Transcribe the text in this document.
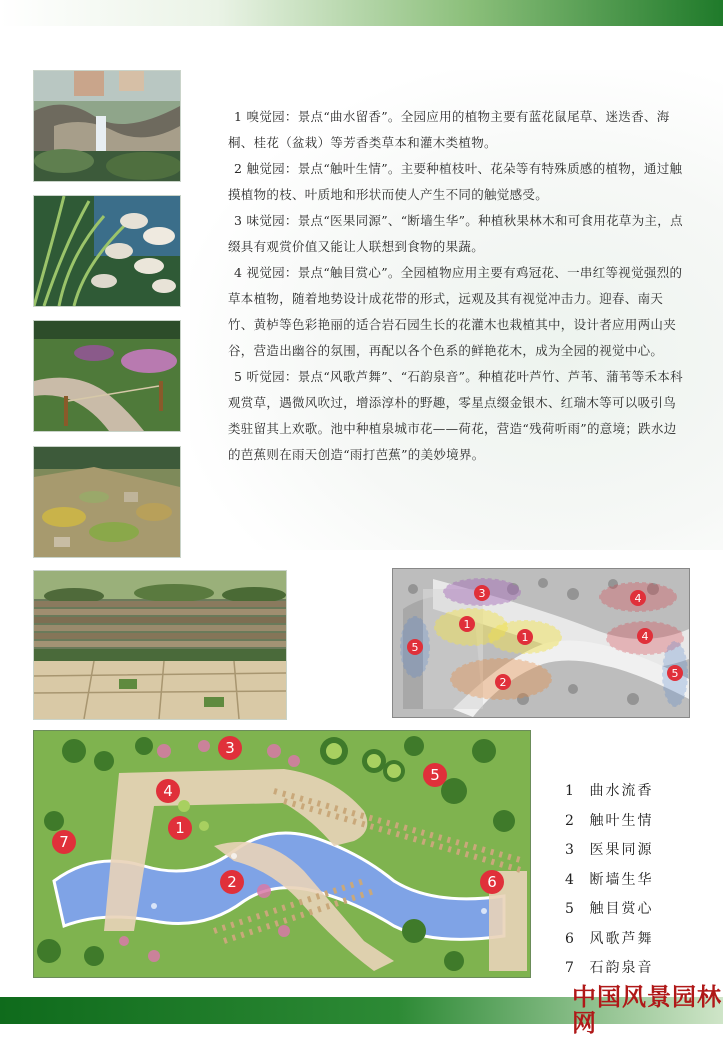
1 嗅觉园：景点“曲水留香”。全园应用的植物主要有蓝花鼠尾草、迷迭香、海桐、桂花（盆栽）等芳香类草本和灌木类植物。

2 触觉园：景点“触叶生情”。主要种植枝叶、花朵等有特殊质感的植物，通过触摸植物的枝、叶质地和形状而使人产生不同的触觉感受。

3 味觉园：景点“医果同源”、“断墙生华”。种植秋果林木和可食用花草为主，点缀具有观赏价值又能让人联想到食物的果蔬。

4 视觉园：景点“触目赏心”。全园植物应用主要有鸡冠花、一串红等视觉强烈的草本植物，随着地势设计成花带的形式，远观及其有视觉冲击力。迎春、南天竹、黄栌等色彩艳丽的适合岩石园生长的花灌木也栽植其中，设计者应用两山夹谷，营造出幽谷的氛围，再配以各个色系的鲜艳花木，成为全园的视觉中心。

5 听觉园：景点“风歌芦舞”、“石韵泉音”。种植花叶芦竹、芦苇、蒲苇等禾本科观赏草，遇微风吹过，增添淳朴的野趣，零星点缀金银木、红瑞木等可以吸引鸟类驻留其上欢歌。池中种植泉城市花——荷花，营造“残荷听雨”的意境；跌水边的芭蕉则在雨天创造“雨打芭蕉”的美妙境界。

3	4
4
1
1
2
5
5
1
2
3
4
5
6
7
1 曲水流香
2 触叶生情
3 医果同源
4 断墙生华
5 触目赏心
6 风歌芦舞
7 石韵泉音
中国风景园林网
